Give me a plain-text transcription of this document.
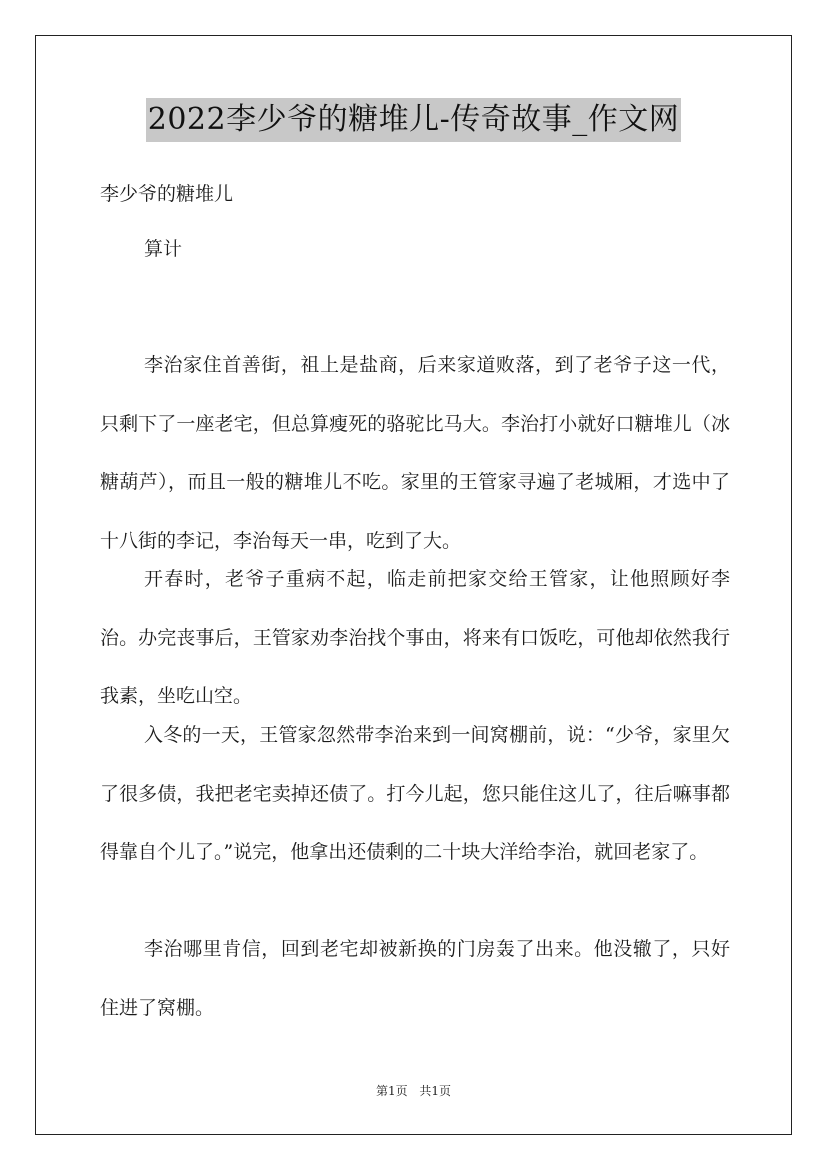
2022李少爷的糖堆儿-传奇故事_作文网
李少爷的糖堆儿
算计
李治家住首善街，祖上是盐商，后来家道败落，到了老爷子这一代，只剩下了一座老宅，但总算瘦死的骆驼比马大。李治打小就好口糖堆儿（冰糖葫芦），而且一般的糖堆儿不吃。家里的王管家寻遍了老城厢，才选中了十八街的李记，李治每天一串，吃到了大。
开春时，老爷子重病不起，临走前把家交给王管家，让他照顾好李治。办完丧事后，王管家劝李治找个事由，将来有口饭吃，可他却依然我行我素，坐吃山空。
入冬的一天，王管家忽然带李治来到一间窝棚前，说：“少爷，家里欠了很多债，我把老宅卖掉还债了。打今儿起，您只能住这儿了，往后嘛事都得靠自个儿了。”说完，他拿出还债剩的二十块大洋给李治，就回老家了。
李治哪里肯信，回到老宅却被新换的门房轰了出来。他没辙了，只好住进了窝棚。
第1页 共1页
